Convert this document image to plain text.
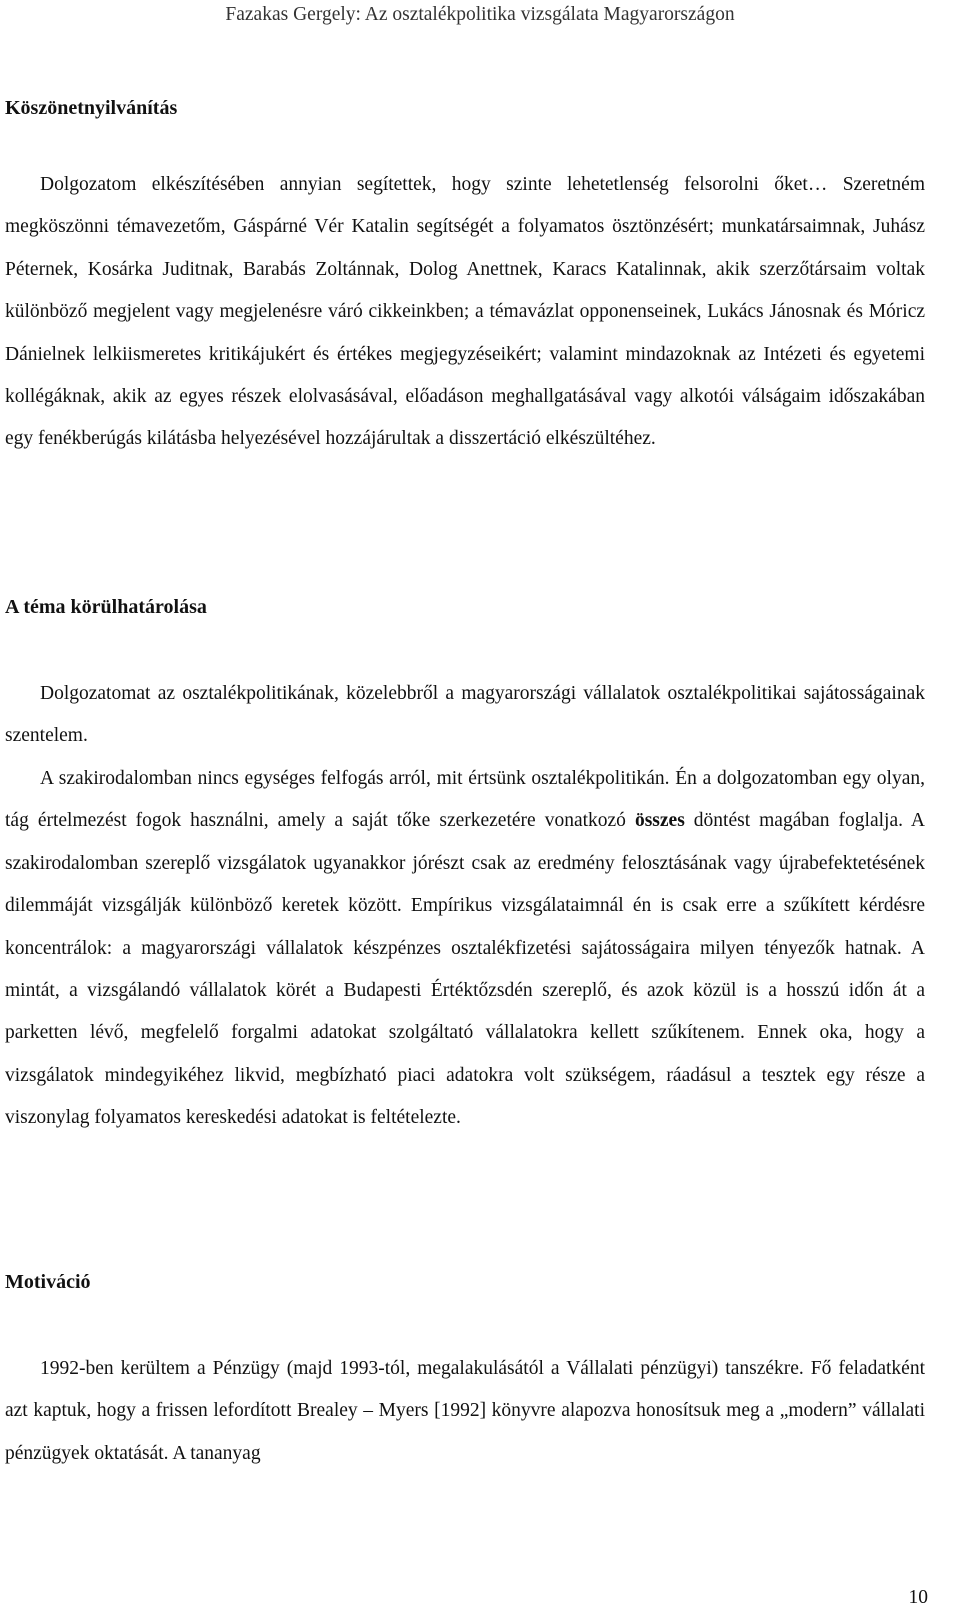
Fazakas Gergely: Az osztalékpolitika vizsgálata Magyarországon
Köszönetnyilvánítás

Dolgozatom elkészítésében annyian segítettek, hogy szinte lehetetlenség felsorolni őket… Szeretném megköszönni témavezetőm, Gáspárné Vér Katalin segítségét a folyamatos ösztönzésért; munkatársaimnak, Juhász Péternek, Kosárka Juditnak, Barabás Zoltánnak, Dolog Anettnek, Karacs Katalinnak, akik szerzőtársaim voltak különböző megjelent vagy megjelenésre váró cikkeinkben; a témavázlat opponenseinek, Lukács Jánosnak és Móricz Dánielnek lelkiismeretes kritikájukért és értékes megjegyzéseikért; valamint mindazoknak az Intézeti és egyetemi kollégáknak, akik az egyes részek elolvasásával, előadáson meghallgatásával vagy alkotói válságaim időszakában egy fenékberúgás kilátásba helyezésével hozzájárultak a disszertáció elkészültéhez.

A téma körülhatárolása

Dolgozatomat az osztalékpolitikának, közelebbről a magyarországi vállalatok osztalékpolitikai sajátosságainak szentelem.

A szakirodalomban nincs egységes felfogás arról, mit értsünk osztalékpolitikán. Én a dolgozatomban egy olyan, tág értelmezést fogok használni, amely a saját tőke szerkezetére vonatkozó összes döntést magában foglalja. A szakirodalomban szereplő vizsgálatok ugyanakkor jórészt csak az eredmény felosztásának vagy újrabefektetésének dilemmáját vizsgálják különböző keretek között. Empírikus vizsgálataimnál én is csak erre a szűkített kérdésre koncentrálok: a magyarországi vállalatok készpénzes osztalékfizetési sajátosságaira milyen tényezők hatnak. A mintát, a vizsgálandó vállalatok körét a Budapesti Értéktőzsdén szereplő, és azok közül is a hosszú időn át a parketten lévő, megfelelő forgalmi adatokat szolgáltató vállalatokra kellett szűkítenem. Ennek oka, hogy a vizsgálatok mindegyikéhez likvid, megbízható piaci adatokra volt szükségem, ráadásul a tesztek egy része a viszonylag folyamatos kereskedési adatokat is feltételezte.

Motiváció

1992-ben kerültem a Pénzügy (majd 1993-tól, megalakulásától a Vállalati pénzügyi) tanszékre. Fő feladatként azt kaptuk, hogy a frissen lefordított Brealey – Myers [1992] könyvre alapozva honosítsuk meg a „modern” vállalati pénzügyek oktatását. A tananyag

10
